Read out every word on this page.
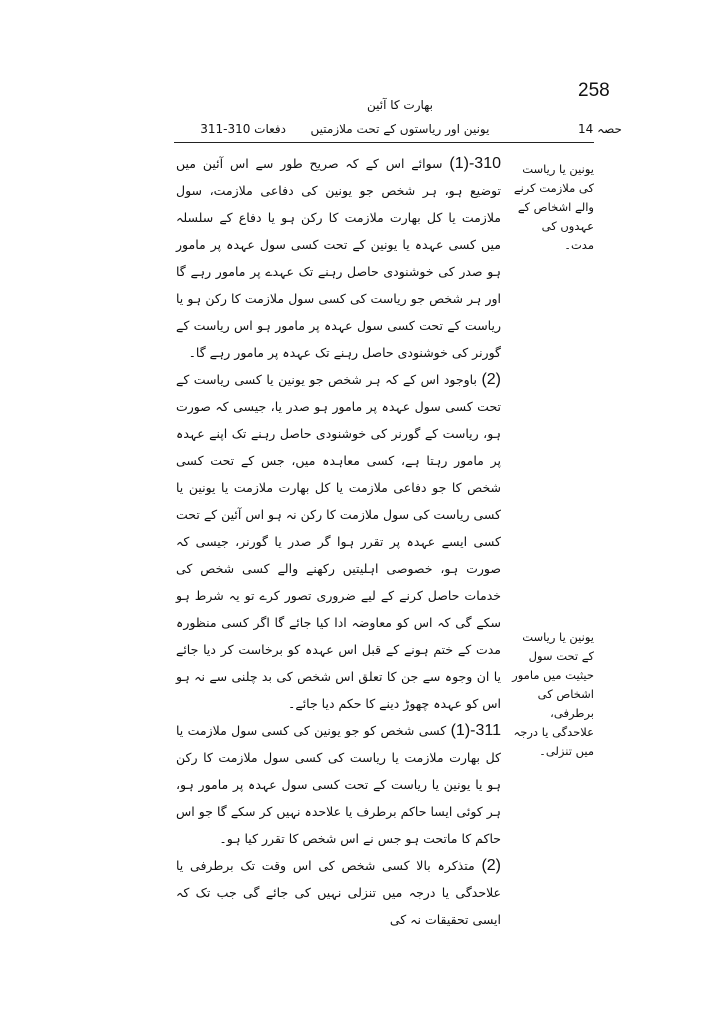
258
حصہ 14
بھارت کا آئین
یونین اور ریاستوں کے تحت ملازمتیں
دفعات 310-311
یونین یا ریاست کی ملازمت کرنے والے اشخاص کے عہدوں کی مدت۔
یونین یا ریاست کے تحت سول حیثیت میں مامور اشخاص کی برطرفی، علاحدگی یا درجہ میں تنزلی۔

310-(1) سوائے اس کے کہ صریح طور سے اس آئین میں توضیع ہو، ہر شخص جو یونین کی دفاعی ملازمت، سول ملازمت یا کل بھارت ملازمت کا رکن ہو یا دفاع کے سلسلہ میں کسی عہدہ یا یونین کے تحت کسی سول عہدہ پر مامور ہو صدر کی خوشنودی حاصل رہنے تک عہدے پر مامور رہے گا اور ہر شخص جو ریاست کی کسی سول ملازمت کا رکن ہو یا ریاست کے تحت کسی سول عہدہ پر مامور ہو اس ریاست کے گورنر کی خوشنودی حاصل رہنے تک عہدہ پر مامور رہے گا۔

(2) باوجود اس کے کہ ہر شخص جو یونین یا کسی ریاست کے تحت کسی سول عہدہ پر مامور ہو صدر یا، جیسی کہ صورت ہو، ریاست کے گورنر کی خوشنودی حاصل رہنے تک اپنے عہدہ پر مامور رہتا ہے، کسی معاہدہ میں، جس کے تحت کسی شخص کا جو دفاعی ملازمت یا کل بھارت ملازمت یا یونین یا کسی ریاست کی سول ملازمت کا رکن نہ ہو اس آئین کے تحت کسی ایسے عہدہ پر تقرر ہوا گر صدر یا گورنر، جیسی کہ صورت ہو، خصوصی اہلیتیں رکھنے والے کسی شخص کی خدمات حاصل کرنے کے لیے ضروری تصور کرے تو یہ شرط ہو سکے گی کہ اس کو معاوضہ ادا کیا جائے گا اگر کسی منظورہ مدت کے ختم ہونے کے قبل اس عہدہ کو برخاست کر دیا جائے یا ان وجوہ سے جن کا تعلق اس شخص کی بد چلنی سے نہ ہو اس کو عہدہ چھوڑ دینے کا حکم دیا جائے۔

311-(1) کسی شخص کو جو یونین کی کسی سول ملازمت یا کل بھارت ملازمت یا ریاست کی کسی سول ملازمت کا رکن ہو یا یونین یا ریاست کے تحت کسی سول عہدہ پر مامور ہو، ہر کوئی ایسا حاکم برطرف یا علاحدہ نہیں کر سکے گا جو اس حاکم کا ماتحت ہو جس نے اس شخص کا تقرر کیا ہو۔

(2) متذکرہ بالا کسی شخص کی اس وقت تک برطرفی یا علاحدگی یا درجہ میں تنزلی نہیں کی جائے گی جب تک کہ ایسی تحقیقات نہ کی
